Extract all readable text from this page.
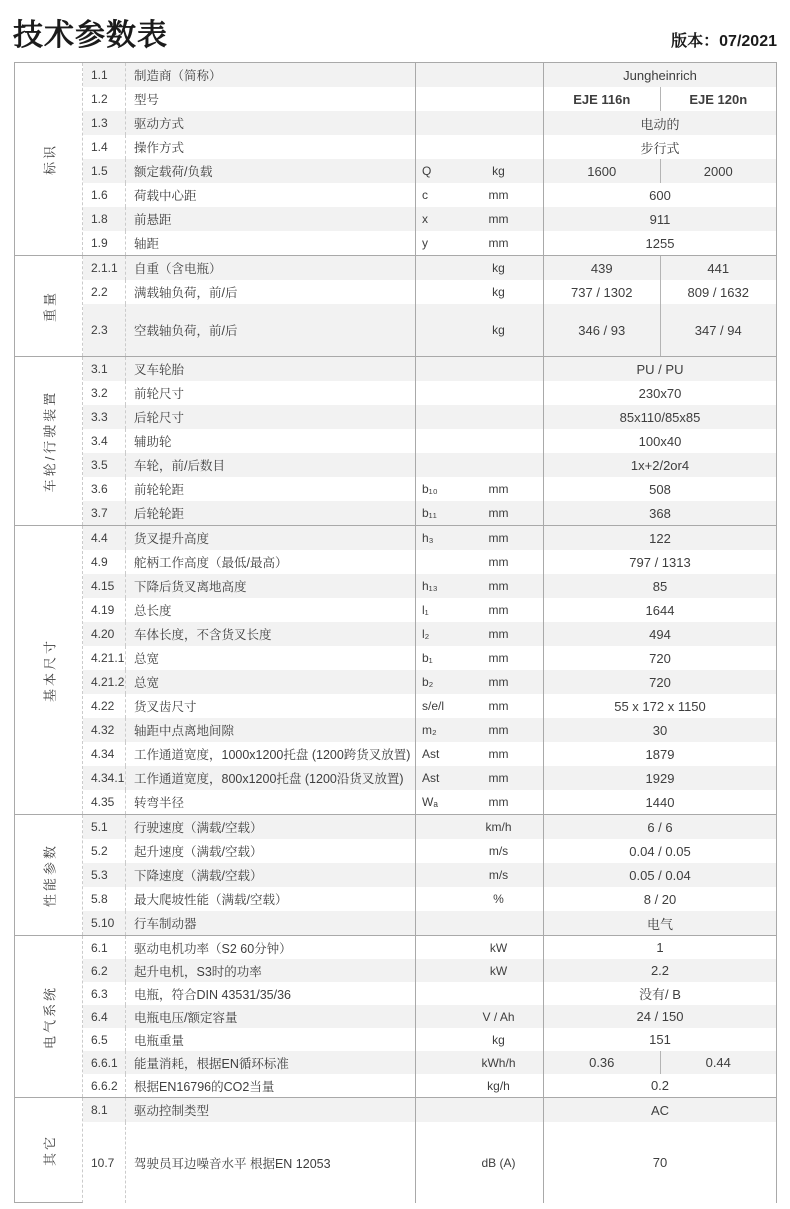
技术参数表	版本：07/2021
标识
1.1	制造商（简称）	Jungheinrich
1.2	型号	EJE 116n	EJE 120n
1.3	驱动方式	电动的
1.4	操作方式	步行式
1.5	额定载荷/负载	Q	kg	1600	2000
1.6	荷载中心距	c	mm	600
1.8	前悬距	x	mm	911
1.9	轴距	y	mm	1255
重量
2.1.1	自重（含电瓶）	kg	439	441
2.2	满载轴负荷，前/后	kg	737 / 1302	809 / 1632
2.3	空载轴负荷，前/后	kg	346 / 93	347 / 94
车轮/行驶装置
3.1	叉车轮胎	PU / PU
3.2	前轮尺寸	230x70
3.3	后轮尺寸	85x110/85x85
3.4	辅助轮	100x40
3.5	车轮，前/后数目	1x+2/2or4
3.6	前轮轮距	b₁₀	mm	508
3.7	后轮轮距	b₁₁	mm	368
基本尺寸
4.4	货叉提升高度	h₃	mm	122
4.9	舵柄工作高度（最低/最高）	mm	797 / 1313
4.15	下降后货叉离地高度	h₁₃	mm	85
4.19	总长度	l₁	mm	1644
4.20	车体长度，不含货叉长度	l₂	mm	494
4.21.1 总宽	b₁	mm	720
4.21.2 总宽	b₂	mm	720
4.22	货叉齿尺寸	s/e/l	mm	55 x 172 x 1150
4.32	轴距中点离地间隙	m₂	mm	30
4.34	工作通道宽度，1000x1200托盘 (1200跨货叉放置) Ast	mm	1879
4.34.1 工作通道宽度，800x1200托盘 (1200沿货叉放置)	Ast	mm	1929
4.35	转弯半径	Wₐ	mm	1440
性能参数
5.1	行驶速度（满载/空载）	km/h	6 / 6
5.2	起升速度（满载/空载）	m/s	0.04 / 0.05
5.3	下降速度（满载/空载）	m/s	0.05 / 0.04
5.8	最大爬坡性能（满载/空载）	%	8 / 20
5.10	行车制动器	电气
电气系统
6.1	驱动电机功率（S2 60分钟）	kW	1
6.2	起升电机，S3时的功率	kW	2.2
6.3	电瓶，符合DIN 43531/35/36	没有/ B
6.4	电瓶电压/额定容量	V / Ah	24 / 150
6.5	电瓶重量	kg	151
6.6.1	能量消耗，根据EN循环标准	kWh/h	0.36	0.44
6.6.2	根据EN16796的CO2当量	kg/h	0.2
其它
8.1	驱动控制类型	AC
10.7	驾驶员耳边噪音水平 根据EN 12053	dB (A)	70
